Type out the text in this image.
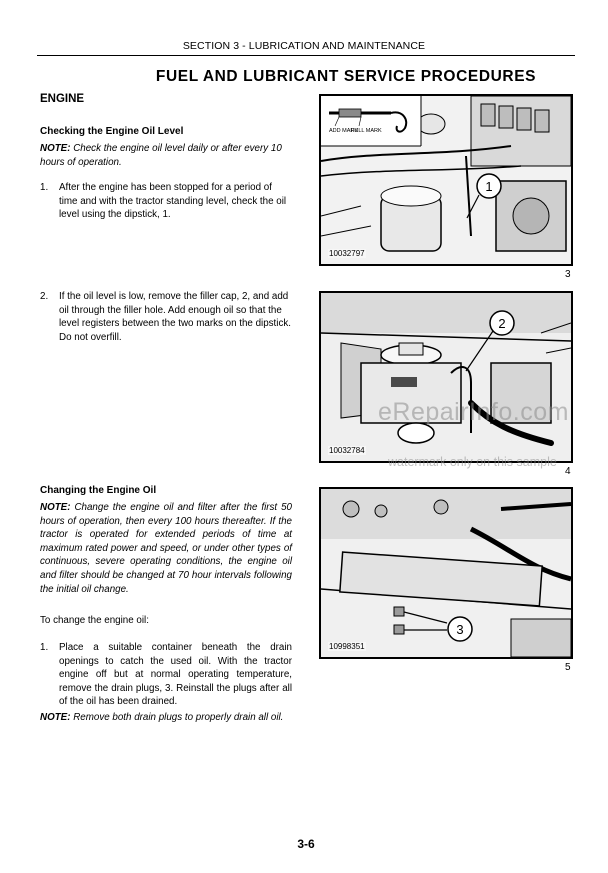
SECTION 3 - LUBRICATION AND MAINTENANCE
FUEL AND LUBRICANT SERVICE PROCEDURES
ENGINE
Checking the Engine Oil Level
NOTE: Check the engine oil level daily or after every 10 hours of operation.
1. After the engine has been stopped for a period of time and with the tractor standing level, check the oil level using the dipstick, 1.
2. If the oil level is low, remove the filler cap, 2, and add oil through the filler hole. Add enough oil so that the level registers between the two marks on the dipstick. Do not overfill.
Changing the Engine Oil
NOTE: Change the engine oil and filter after the first 50 hours of operation, then every 100 hours thereafter. If the tractor is operated for extended periods of time at maximum rated power and speed, or under other types of continuous, severe operating conditions, the engine oil and filter should be changed at 70 hour intervals following the initial oil change.
To change the engine oil:
1. Place a suitable container beneath the drain openings to catch the used oil. With the tractor engine off but at normal operating temperature, remove the drain plugs, 3. Reinstall the plugs after all of the oil has been drained.
NOTE: Remove both drain plugs to properly drain all oil.
ADD MARK
FULL MARK
1
10032797
3
2
10032784
4
eRepairInfo.com
watermark only on this sample
3
10998351
5
3-6
